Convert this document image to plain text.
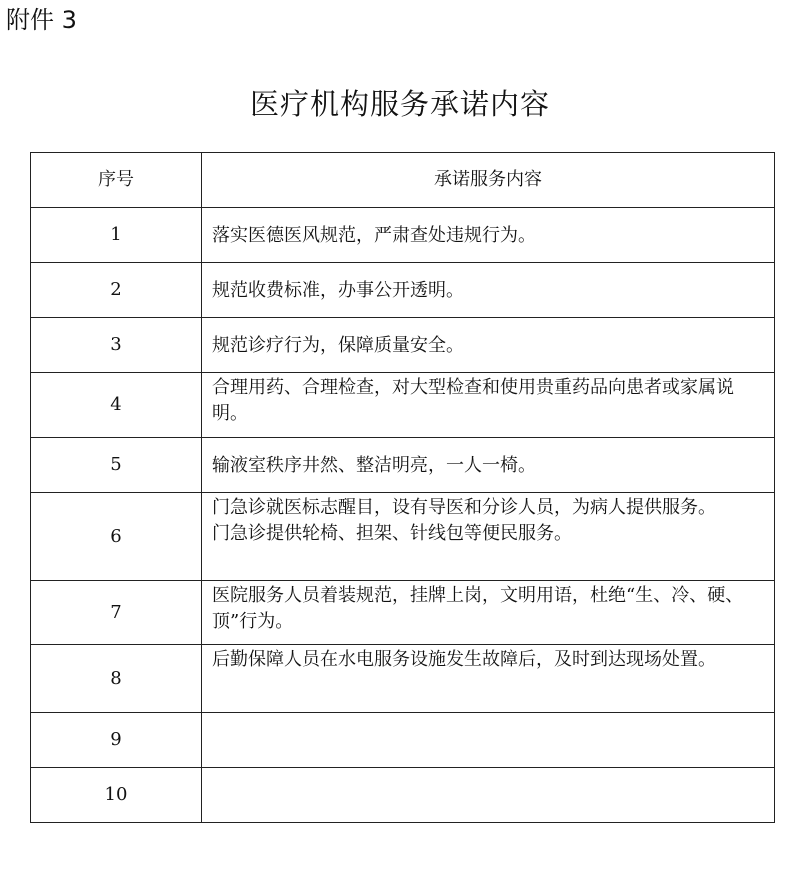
附件 3
医疗机构服务承诺内容
序号	承诺服务内容
1	落实医德医风规范，严肃查处违规行为。

2	规范收费标准，办事公开透明。

3	规范诊疗行为，保障质量安全。

4	合理用药、合理检查，对大型检查和使用贵重药品向患者或家属说明。

5	输液室秩序井然、整洁明亮，一人一椅。

6	门急诊就医标志醒目，设有导医和分诊人员，为病人提供服务。
门急诊提供轮椅、担架、针线包等便民服务。

7	医院服务人员着装规范，挂牌上岗，文明用语，杜绝“生、冷、硬、顶”行为。

8	后勤保障人员在水电服务设施发生故障后，及时到达现场处置。

9	

10	
